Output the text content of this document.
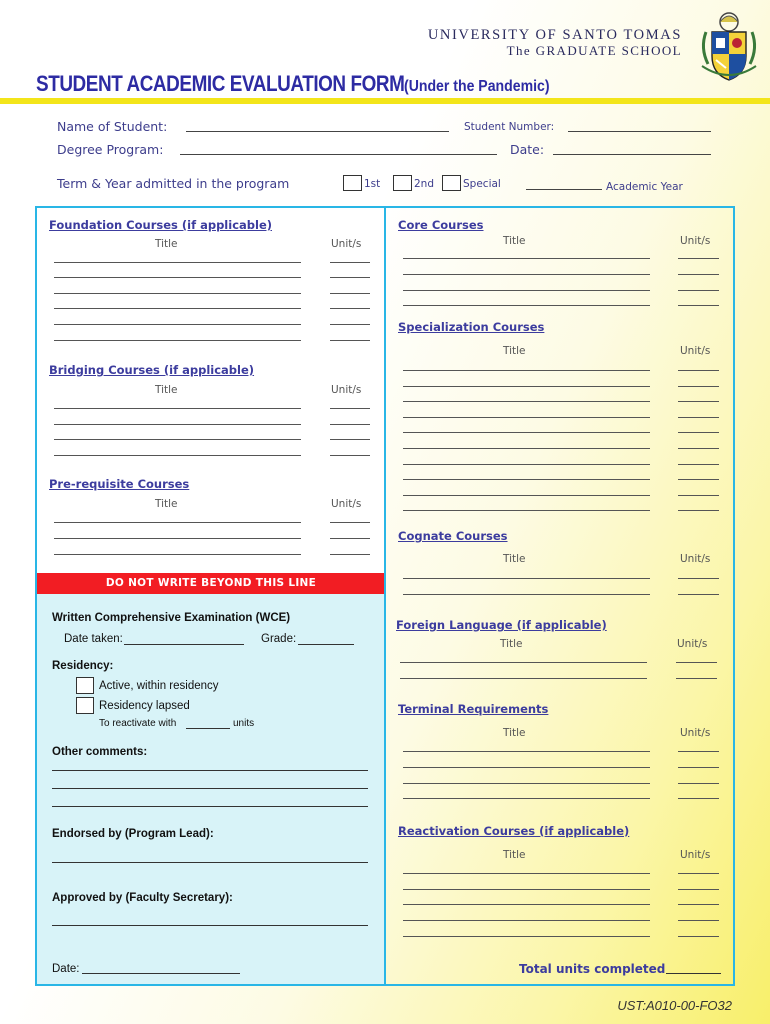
UNIVERSITY OF SANTO TOMAS
The GRADUATE SCHOOL
STUDENT ACADEMIC EVALUATION FORM(Under the Pandemic)
Name of Student:	Student Number:
Degree Program:	Date:
Term & Year admitted in the program	1st	2nd	Special	Academic Year
DO NOT WRITE BEYOND THIS LINE
Foundation Courses (if applicable)
Title	Unit/s
Bridging Courses (if applicable)
Title	Unit/s
Pre-requisite Courses
Title	Unit/s
Written Comprehensive Examination (WCE)
Date taken:	Grade:
Residency:
Active, within residency
Residency lapsed
To reactivate with	units
Other comments:
Endorsed by (Program Lead):
Approved by (Faculty Secretary):
Date:
Core Courses
Title	Unit/s
Specialization Courses
Title	Unit/s
Cognate Courses
Title	Unit/s
Foreign Language (if applicable)
Title	Unit/s
Terminal Requirements
Title	Unit/s
Reactivation Courses (if applicable)
Title	Unit/s
Total units completed
UST:A010-00-FO32
